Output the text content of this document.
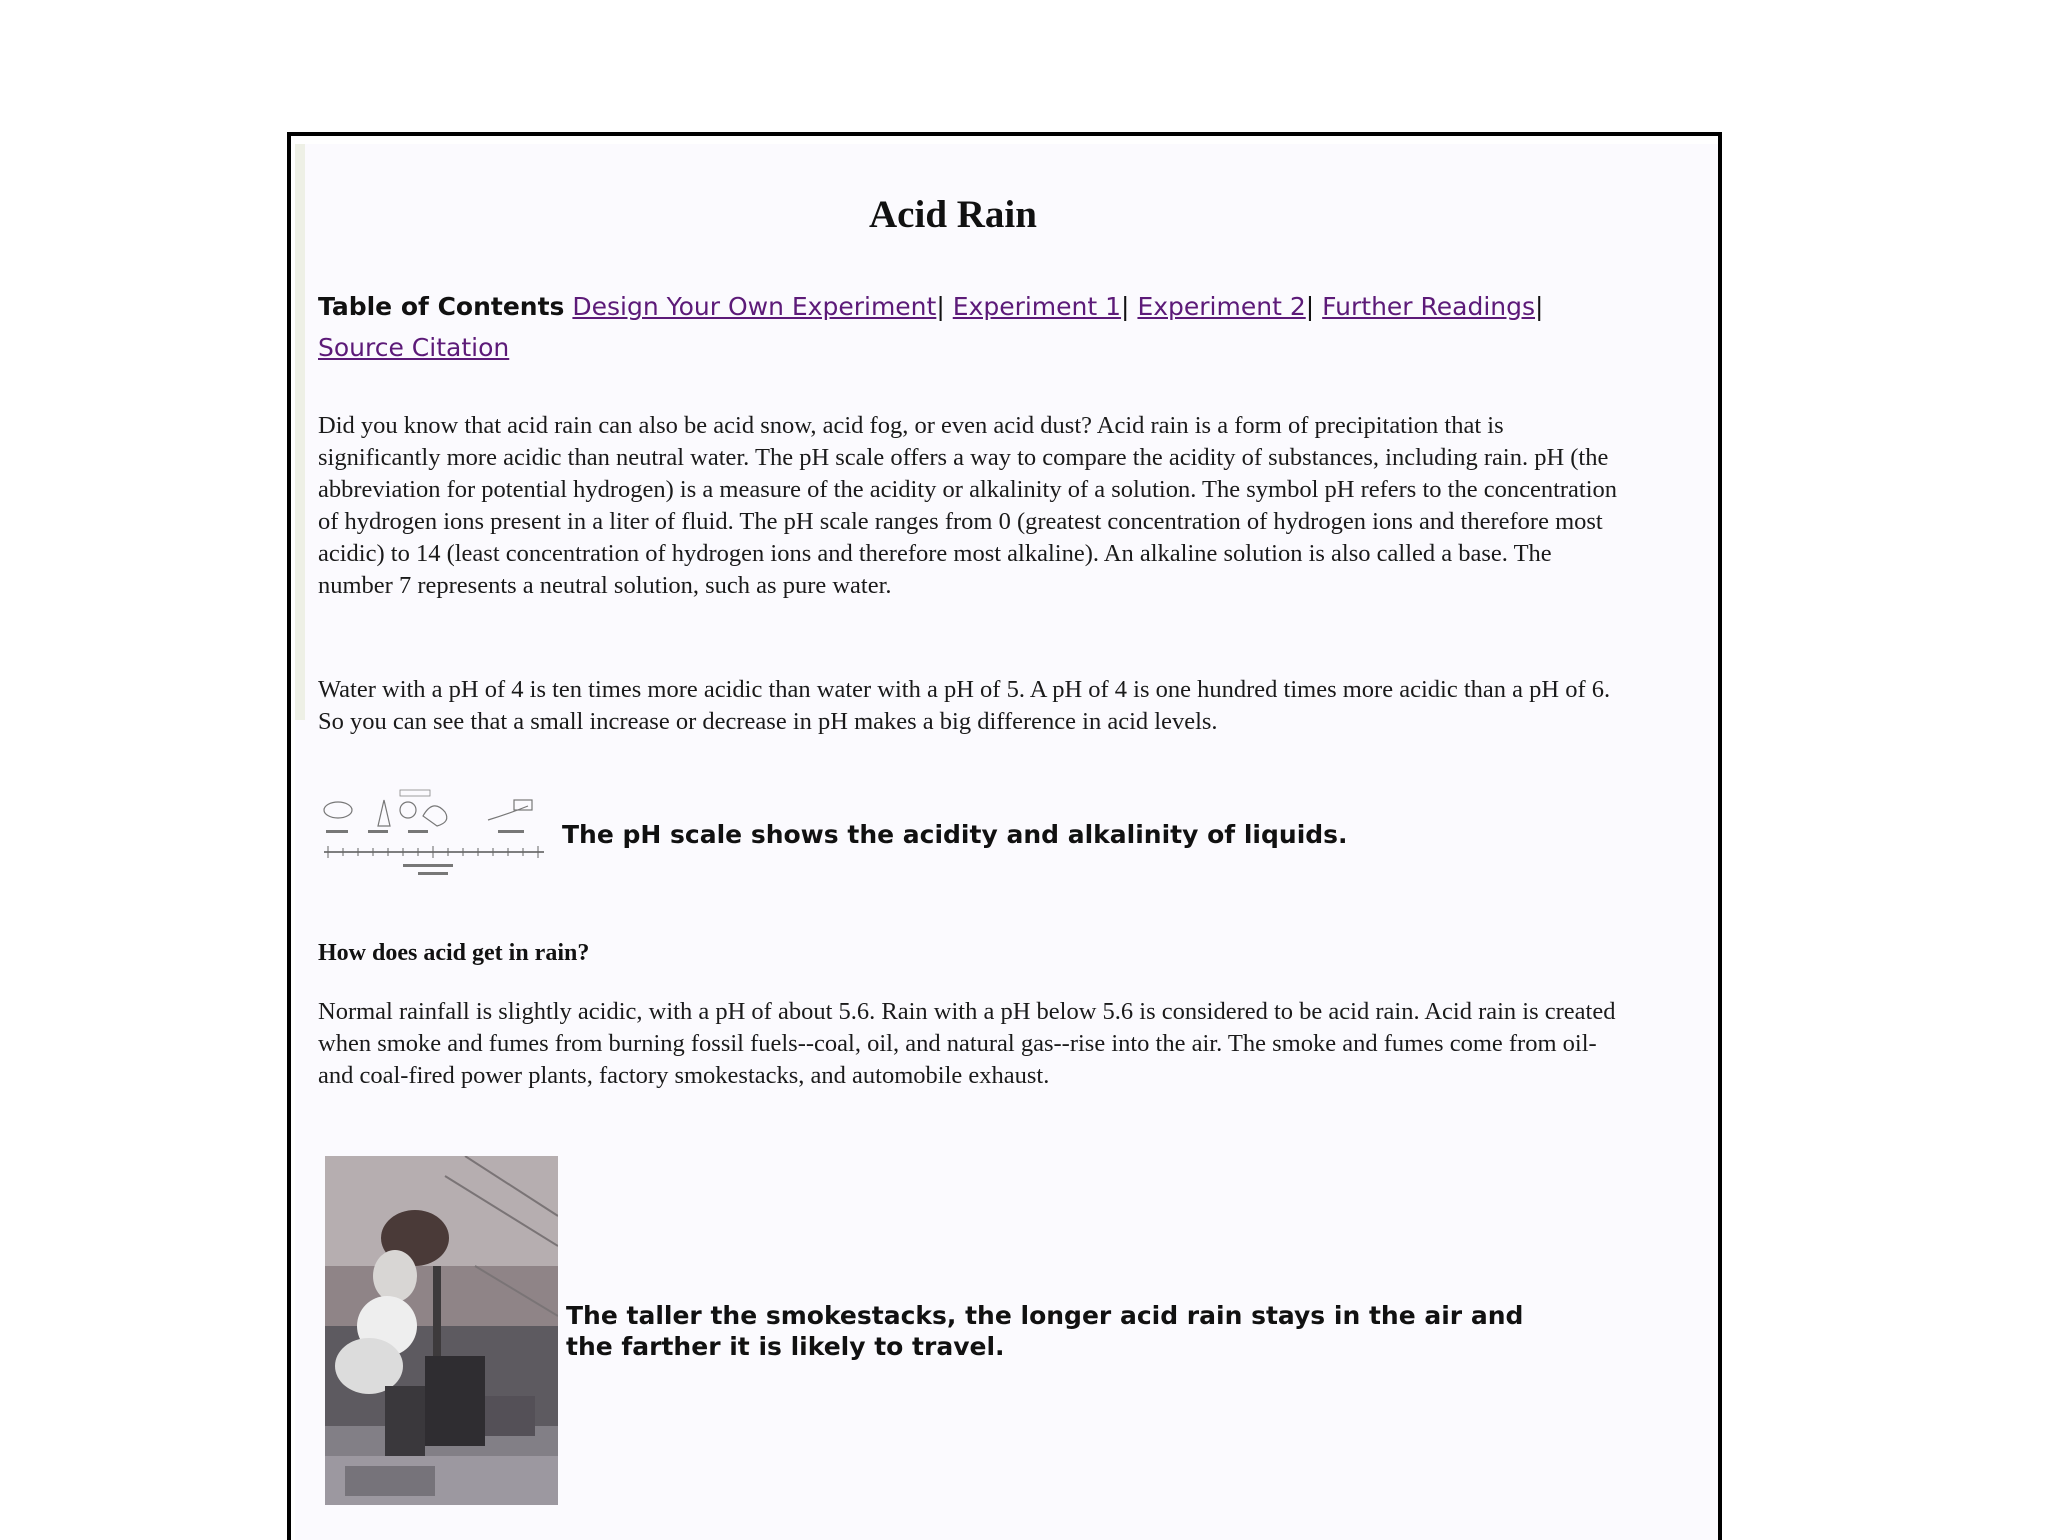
Acid Rain
Table of Contents Design Your Own Experiment| Experiment 1| Experiment 2| Further Readings| Source Citation

Did you know that acid rain can also be acid snow, acid fog, or even acid dust? Acid rain is a form of precipitation that is significantly more acidic than neutral water. The pH scale offers a way to compare the acidity of substances, including rain. pH (the abbreviation for potential hydrogen) is a measure of the acidity or alkalinity of a solution. The symbol pH refers to the concentration of hydrogen ions present in a liter of fluid. The pH scale ranges from 0 (greatest concentration of hydrogen ions and therefore most acidic) to 14 (least concentration of hydrogen ions and therefore most alkaline). An alkaline solution is also called a base. The number 7 represents a neutral solution, such as pure water.

Water with a pH of 4 is ten times more acidic than water with a pH of 5. A pH of 4 is one hundred times more acidic than a pH of 6. So you can see that a small increase or decrease in pH makes a big difference in acid levels.

The pH scale shows the acidity and alkalinity of liquids.

How does acid get in rain?

Normal rainfall is slightly acidic, with a pH of about 5.6. Rain with a pH below 5.6 is considered to be acid rain. Acid rain is created when smoke and fumes from burning fossil fuels--coal, oil, and natural gas--rise into the air. The smoke and fumes come from oil- and coal-fired power plants, factory smokestacks, and automobile exhaust.

The taller the smokestacks, the longer acid rain stays in the air and the farther it is likely to travel.
